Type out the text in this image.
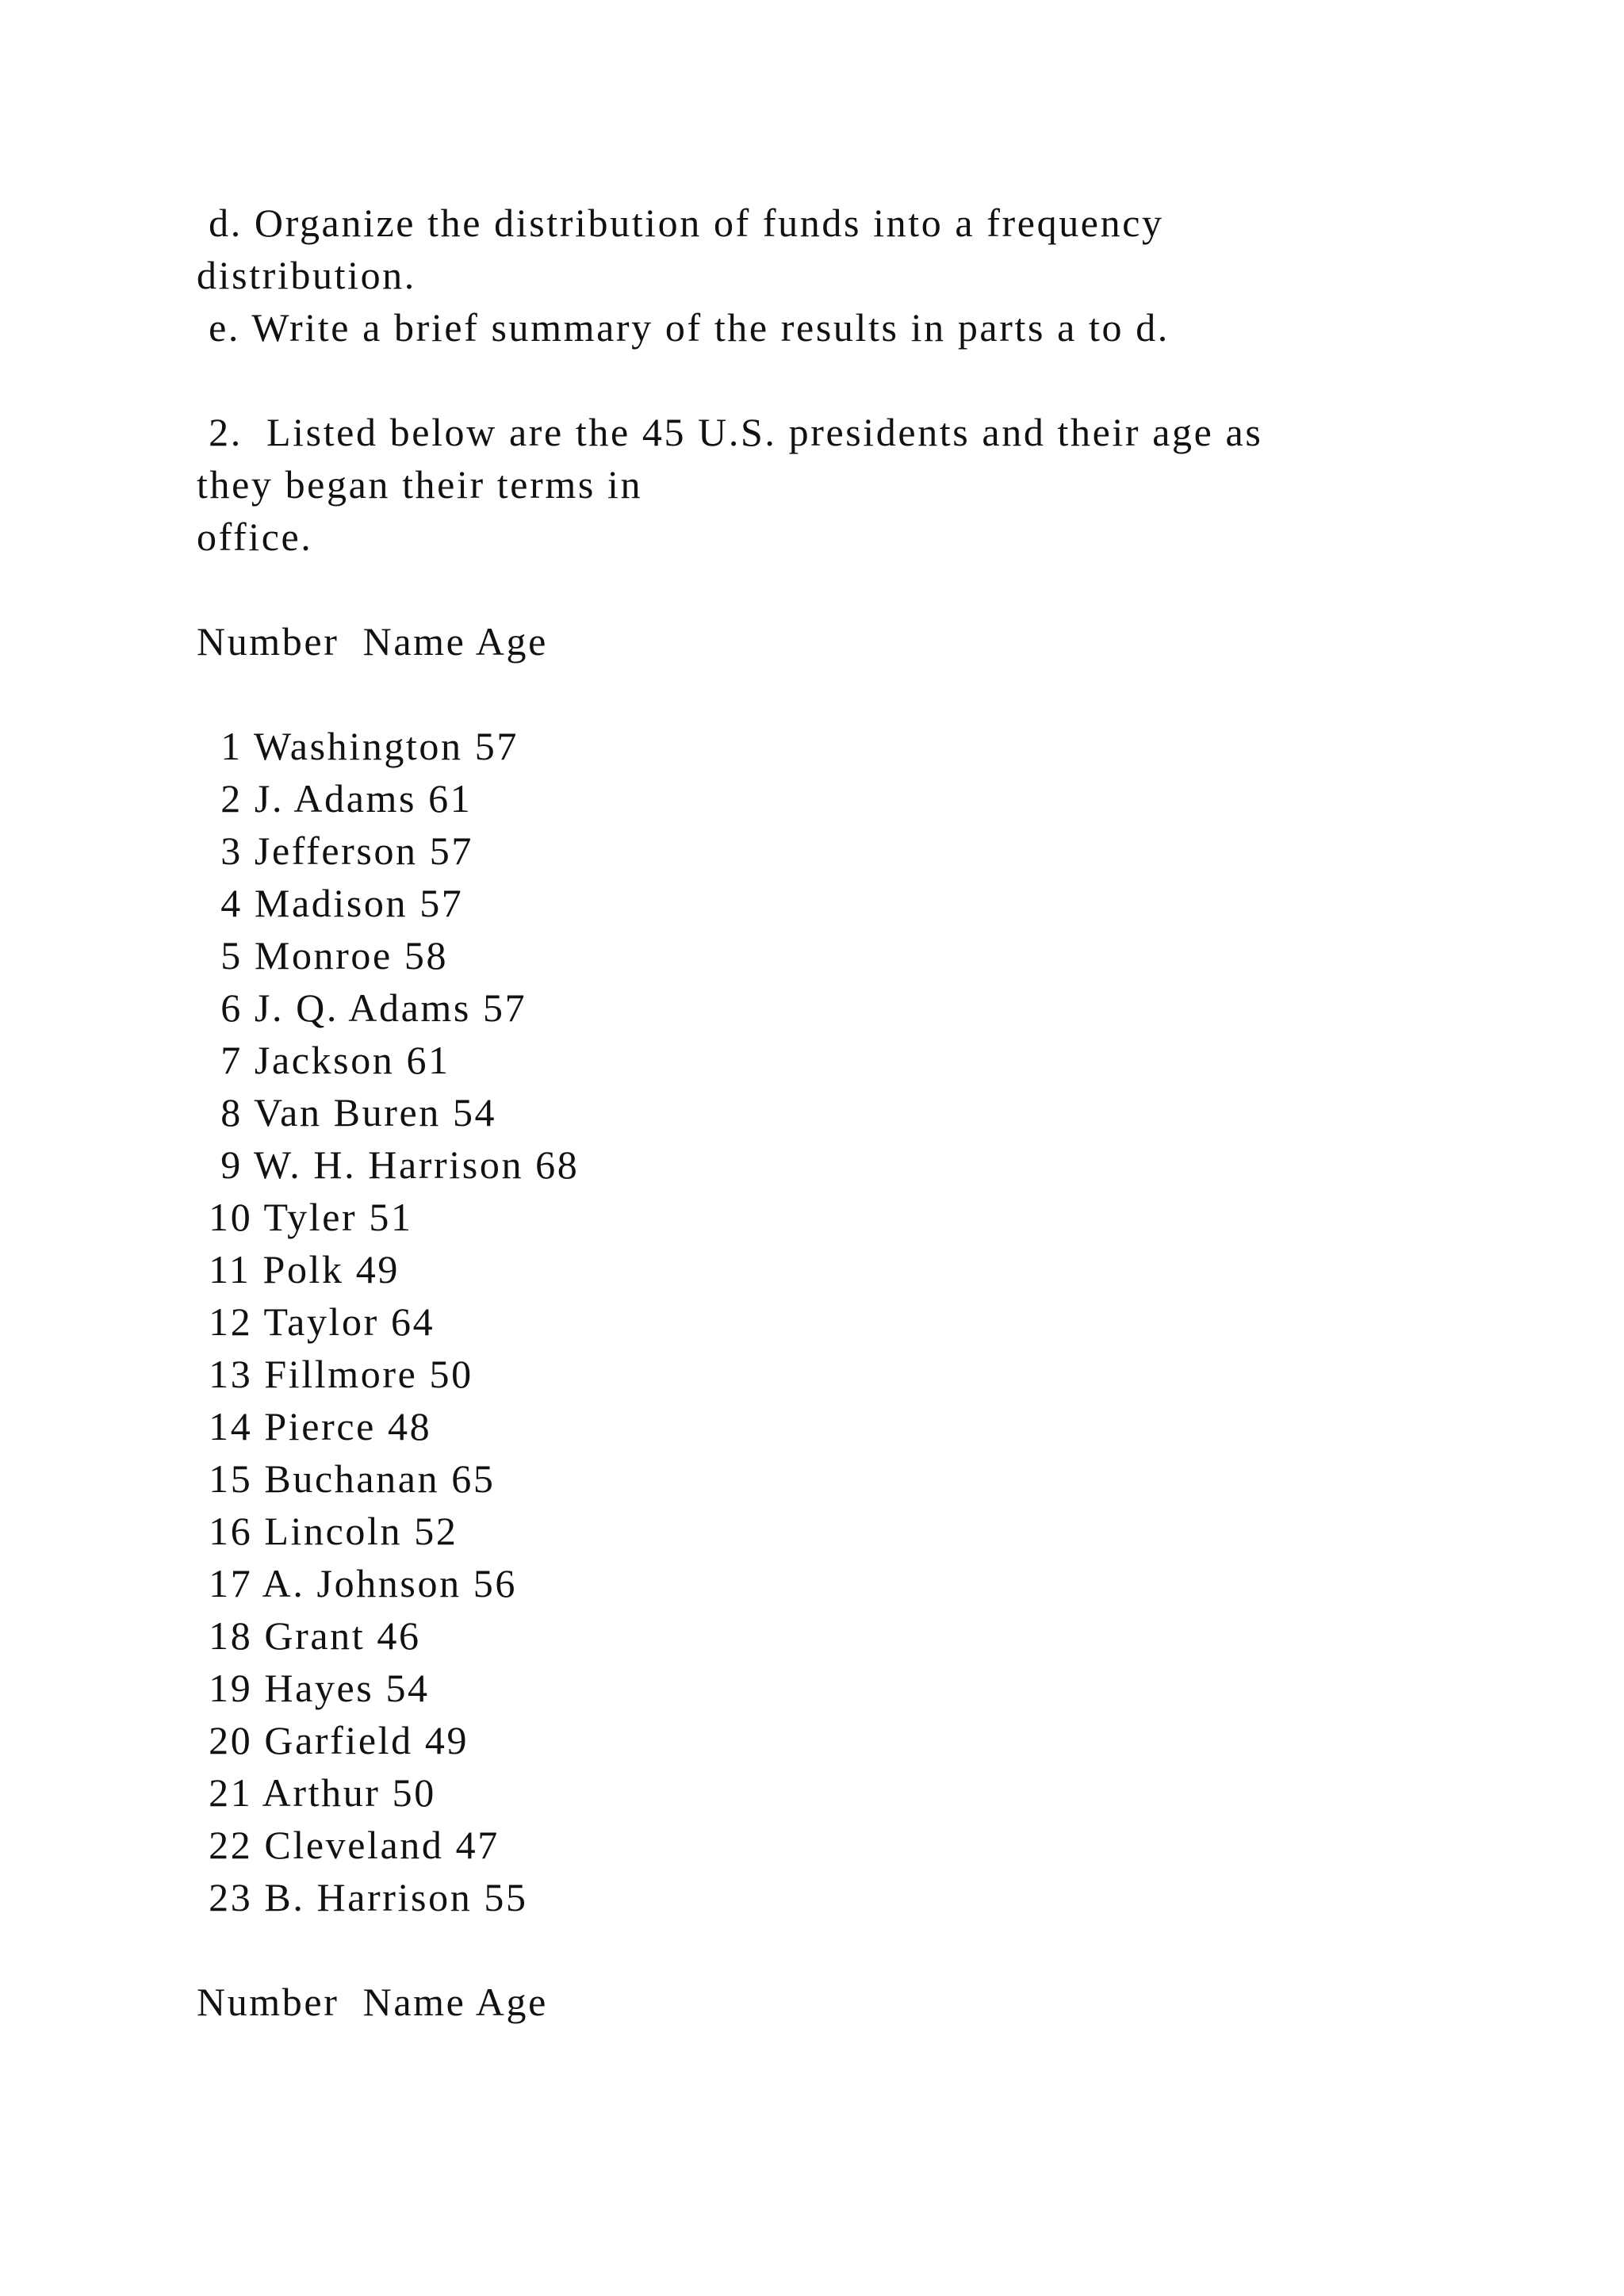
d. Organize the distribution of funds into a frequency
distribution.
e. Write a brief summary of the results in parts a to d.
2.  Listed below are the 45 U.S. presidents and their age as
they began their terms in
office.
Number  Name Age
1 Washington 57
2 J. Adams 61
3 Jefferson 57
4 Madison 57
5 Monroe 58
6 J. Q. Adams 57
7 Jackson 61
8 Van Buren 54
9 W. H. Harrison 68
10 Tyler 51
11 Polk 49
12 Taylor 64
13 Fillmore 50
14 Pierce 48
15 Buchanan 65
16 Lincoln 52
17 A. Johnson 56
18 Grant 46
19 Hayes 54
20 Garfield 49
21 Arthur 50
22 Cleveland 47
23 B. Harrison 55
Number  Name Age
